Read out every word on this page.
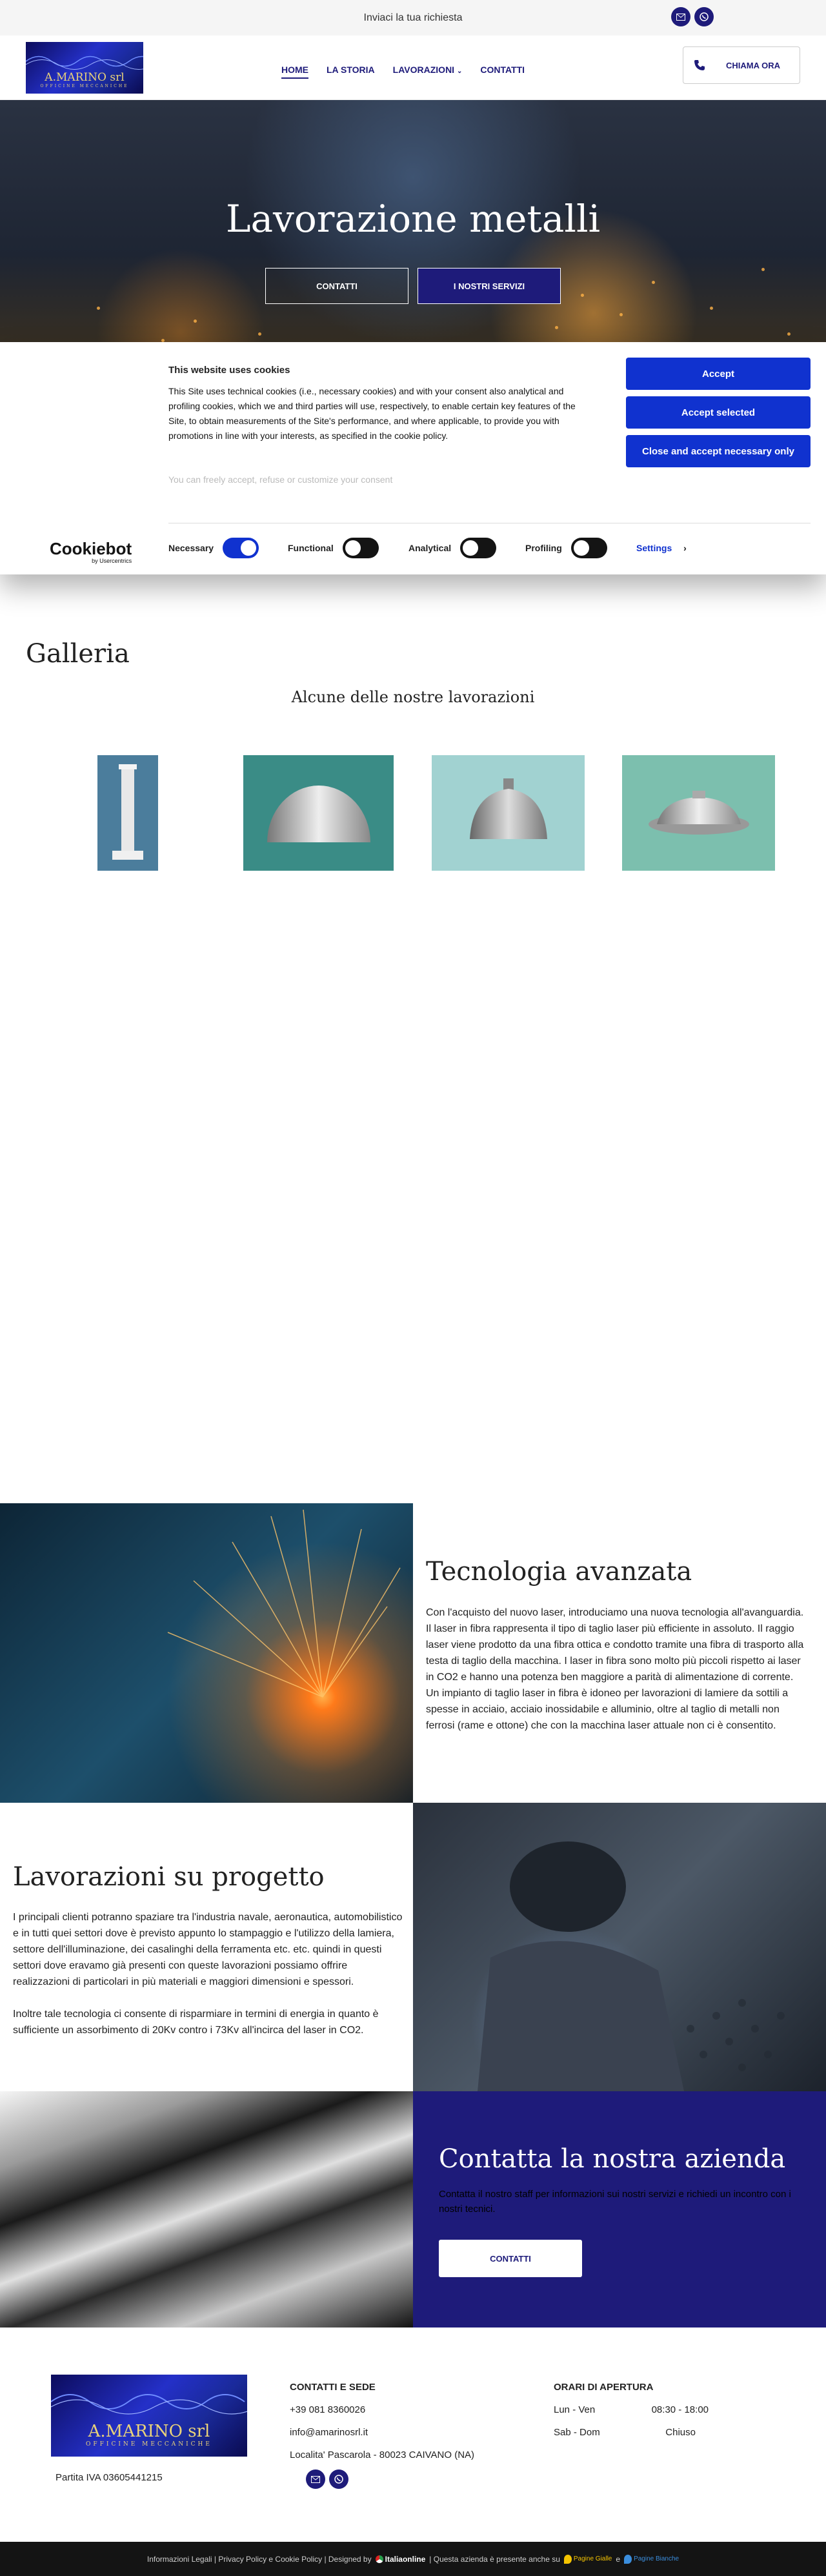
Inviaci la tua richiesta
A.MARINO srl
OFFICINE MECCANICHE
HOME LA STORIA LAVORAZIONI ⌄ CONTATTI	CHIAMA ORA
Lavorazione metalli
CONTATTI	I NOSTRI SERVIZI
This website uses cookies
This Site uses technical cookies (i.e., necessary cookies) and with your consent also analytical and profiling cookies, which we and third parties will use, respectively, to enable certain key features of the Site, to obtain measurements of the Site's performance, and where applicable, to provide you with promotions in line with your interests, as specified in the cookie policy.
You can freely accept, refuse or customize your consent
Accept
Accept selected
Close and accept necessary only
Cookiebot
by Usercentrics
Necessary	Functional	Analytical	Profiling	Settings ›
Galleria
Alcune delle nostre lavorazioni
Tecnologia avanzata

Con l'acquisto del nuovo laser, introduciamo una nuova tecnologia all'avanguardia. Il laser in fibra rappresenta il tipo di taglio laser più efficiente in assoluto. Il raggio laser viene prodotto da una fibra ottica e condotto tramite una fibra di trasporto alla testa di taglio della macchina. I laser in fibra sono molto più piccoli rispetto ai laser in CO2 e hanno una potenza ben maggiore a parità di alimentazione di corrente. Un impianto di taglio laser in fibra è idoneo per lavorazioni di lamiere da sottili a spesse in acciaio, acciaio inossidabile e alluminio, oltre al taglio di metalli non ferrosi (rame e ottone) che con la macchina laser attuale non ci è consentito.

Lavorazioni su progetto

I principali clienti potranno spaziare tra l'industria navale, aeronautica, automobilistico e in tutti quei settori dove è previsto appunto lo stampaggio e l'utilizzo della lamiera, settore dell'illuminazione, dei casalinghi della ferramenta etc. etc. quindi in questi settori dove eravamo già presenti con queste lavorazioni possiamo offrire realizzazioni di particolari in più materiali e maggiori dimensioni e spessori.

Inoltre tale tecnologia ci consente di risparmiare in termini di energia in quanto è sufficiente un assorbimento di 20Kv contro i 73Kv all'incirca del laser in CO2.

Contatta la nostra azienda

Contatta il nostro staff per informazioni sui nostri servizi e richiedi un incontro con i nostri tecnici.

CONTATTI
A.MARINO srl
OFFICINE MECCANICHE
Partita IVA 03605441215
CONTATTI E SEDE
+39 081 8360026
info@amarinosrl.it
Localita' Pascarola - 80023 CAIVANO (NA)
ORARI DI APERTURA
Lun - Ven	08:30 - 18:00
Sab - Dom	Chiuso
Informazioni Legali | Privacy Policy e Cookie Policy | Designed by Italiaonline | Questa azienda è presente anche su Pagine Gialle e Pagine Bianche
